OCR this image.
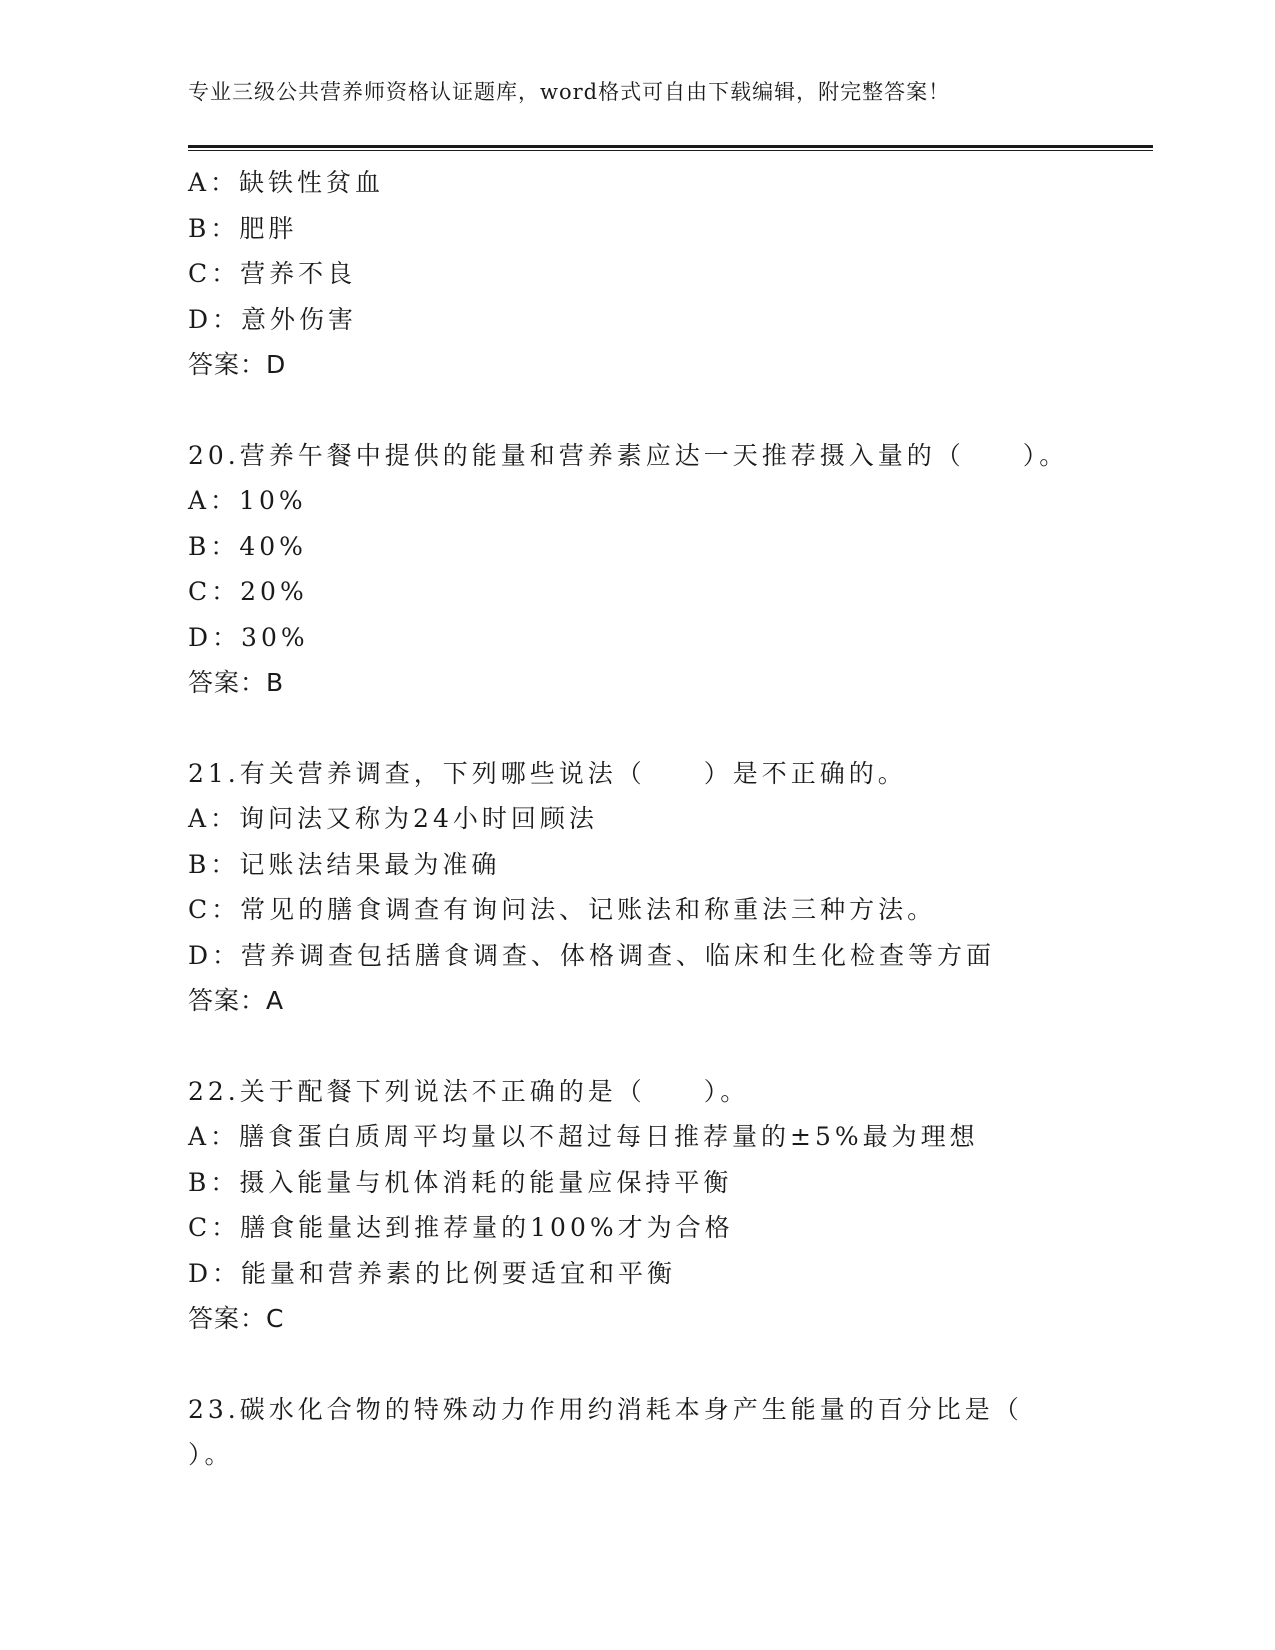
专业三级公共营养师资格认证题库，word格式可自由下载编辑，附完整答案！
A：缺铁性贫血
B：肥胖
C：营养不良
D：意外伤害
答案：D
20.营养午餐中提供的能量和营养素应达一天推荐摄入量的（　　）。
A：10%
B：40%
C：20%
D：30%
答案：B
21.有关营养调查，下列哪些说法（　　）是不正确的。
A：询问法又称为24小时回顾法
B：记账法结果最为准确
C：常见的膳食调查有询问法、记账法和称重法三种方法。
D：营养调查包括膳食调查、体格调查、临床和生化检查等方面
答案：A
22.关于配餐下列说法不正确的是（　　）。
A：膳食蛋白质周平均量以不超过每日推荐量的±5%最为理想
B：摄入能量与机体消耗的能量应保持平衡
C：膳食能量达到推荐量的100%才为合格
D：能量和营养素的比例要适宜和平衡
答案：C
23.碳水化合物的特殊动力作用约消耗本身产生能量的百分比是（
）。
